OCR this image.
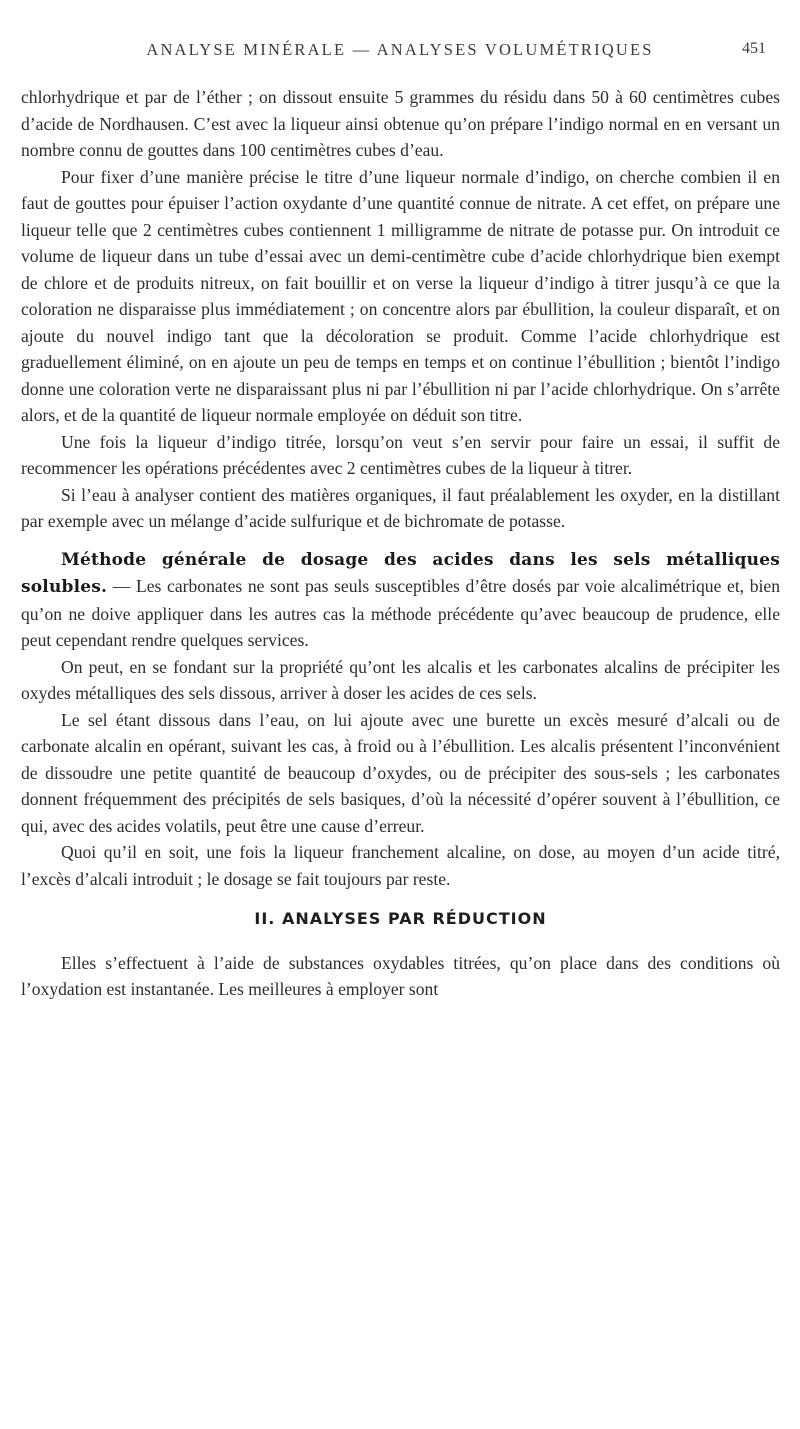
ANALYSE MINÉRALE — ANALYSES VOLUMÉTRIQUES	451

chlorhydrique et par de l’éther ; on dissout ensuite 5 grammes du résidu dans 50 à 60 centimètres cubes d’acide de Nordhausen. C’est avec la liqueur ainsi obtenue qu’on prépare l’indigo normal en en versant un nombre connu de gouttes dans 100 centimètres cubes d’eau.

Pour fixer d’une manière précise le titre d’une liqueur normale d’indigo, on cherche combien il en faut de gouttes pour épuiser l’action oxydante d’une quantité connue de nitrate. A cet effet, on prépare une liqueur telle que 2 centimètres cubes contiennent 1 milligramme de nitrate de potasse pur. On introduit ce volume de liqueur dans un tube d’essai avec un demi-centimètre cube d’acide chlorhydrique bien exempt de chlore et de produits nitreux, on fait bouillir et on verse la liqueur d’indigo à titrer jusqu’à ce que la coloration ne disparaisse plus immédiatement ; on concentre alors par ébullition, la couleur disparaît, et on ajoute du nouvel indigo tant que la décoloration se produit. Comme l’acide chlorhydrique est graduellement éliminé, on en ajoute un peu de temps en temps et on continue l’ébullition ; bientôt l’indigo donne une coloration verte ne disparaissant plus ni par l’ébullition ni par l’acide chlorhydrique. On s’arrête alors, et de la quantité de liqueur normale employée on déduit son titre.

Une fois la liqueur d’indigo titrée, lorsqu’on veut s’en servir pour faire un essai, il suffit de recommencer les opérations précédentes avec 2 centimètres cubes de la liqueur à titrer.

Si l’eau à analyser contient des matières organiques, il faut préalablement les oxyder, en la distillant par exemple avec un mélange d’acide sulfurique et de bichromate de potasse.

Méthode générale de dosage des acides dans les sels métalliques solubles. — Les carbonates ne sont pas seuls susceptibles d’être dosés par voie alcalimétrique et, bien qu’on ne doive appliquer dans les autres cas la méthode précédente qu’avec beaucoup de prudence, elle peut cependant rendre quelques services.

On peut, en se fondant sur la propriété qu’ont les alcalis et les carbonates alcalins de précipiter les oxydes métalliques des sels dissous, arriver à doser les acides de ces sels.

Le sel étant dissous dans l’eau, on lui ajoute avec une burette un excès mesuré d’alcali ou de carbonate alcalin en opérant, suivant les cas, à froid ou à l’ébullition. Les alcalis présentent l’inconvénient de dissoudre une petite quantité de beaucoup d’oxydes, ou de précipiter des sous-sels ; les carbonates donnent fréquemment des précipités de sels basiques, d’où la nécessité d’opérer souvent à l’ébullition, ce qui, avec des acides volatils, peut être une cause d’erreur.

Quoi qu’il en soit, une fois la liqueur franchement alcaline, on dose, au moyen d’un acide titré, l’excès d’alcali introduit ; le dosage se fait toujours par reste.

II. ANALYSES PAR RÉDUCTION

Elles s’effectuent à l’aide de substances oxydables titrées, qu’on place dans des conditions où l’oxydation est instantanée. Les meilleures à employer sont
